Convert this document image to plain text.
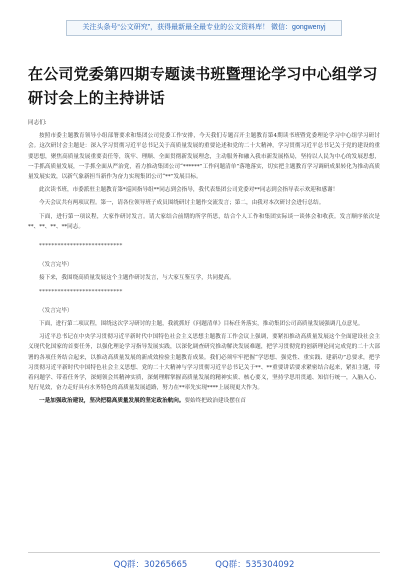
关注头条号“公文研究”，获得最新最全最专业的公文资料库！ 微信：gongwenyj
在公司党委第四期专题读书班暨理论学习中心组学习研讨会上的主持讲话

同志们:

按照市委主题教育领导小组部署要求和集团公司党委工作安排，今天我们专题召开主题教育第4期读书班暨党委理论学习中心组学习研讨会。这次研讨会主题是：深入学习贯彻习近平总书记关于高质量发展的重要论述和党的二十大精神，学习贯彻习近平总书记关于党的建设的重要思想，聚焦高质量发展重要责任等，筑牢、理顺、全面贯彻新发展理念，主动服务和融入我市新发展格局，坚持以人民为中心的发展思想，一手抓高质量发展，一手抓全面从严治党，着力推动集团公司“******”工作问题清单”落地落实，切实把主题教育学习调研成果转化为推动高质量发展实效，以新气象新担当新作为奋力实现集团公司“**”发展目标。

此次读书班，市委派驻主题教育第*巡回指导组**同志到会指导，我代表集团公司党委对**同志到会指导表示欢迎和感谢！

今天会议共有两项议程。第一，请各位领导班子成员围绕研讨主题作交流发言；第二，由我对本次研讨会进行总结。

下面，进行第一项议程，大家作研讨发言。请大家结合前期的所学所思，结合个人工作和集团实际谈一谈体会和收获。发言顺序依次是**、**、**、**同志。

***************************

（发言完毕）

接下来，我围绕高质量发展这个主题作研讨发言，与大家互鉴互学，共同提高。

***************************

（发言完毕）

下面，进行第二项议程，围绕这次学习研讨的主题，我就抓好《问题清单》目标任务落实，推动集团公司高质量发展强调几点意见。

习近平总书记在中央学习贯彻习近平新时代中国特色社会主义思想主题教育工作会议上强调，要紧扣推动高质量发展这个全面建设社会主义现代化国家的首要任务，以强化理论学习指导发展实践，以深化调查研究推动解决发展难题，把学习贯彻党的创新理论同完成党的二十大部署的各项任务结合起来，以推动高质量发展的新成效检验主题教育成果。我们必须牢牢把握“学思想、强党性、重实践、建新功”总要求，把学习贯彻习近平新时代中国特色社会主义思想、党的二十大精神与学习贯彻习近平总书记关于**、**重要讲话要求紧密结合起来，紧扣主题，带着问题学、带着任务学，深刻领会其精神实质，深刻理解掌握高质量发展的精神实质、核心要义，坚持学思用贯通、知信行统一，入脑入心、见行见效，奋力走好具有水务特色的高质量发展道路，努力在**率先实现****上展现更大作为。

一是加强政治建设，坚决把稳高质量发展的坚定政治航向。要始终把政治建设摆在首

QQ群：30265665	QQ群：535304092
